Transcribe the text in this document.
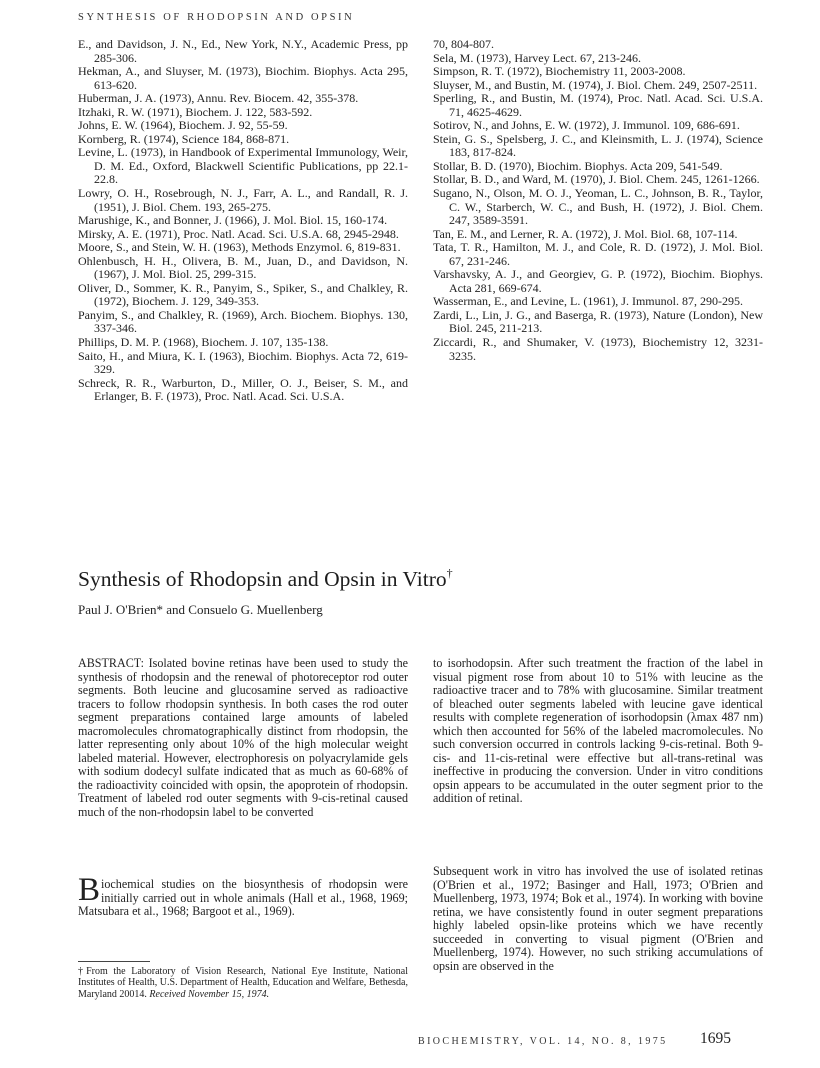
SYNTHESIS OF RHODOPSIN AND OPSIN
E., and Davidson, J. N., Ed., New York, N.Y., Academic Press, pp 285-306.
Hekman, A., and Sluyser, M. (1973), Biochim. Biophys. Acta 295, 613-620.
Huberman, J. A. (1973), Annu. Rev. Biocem. 42, 355-378.
Itzhaki, R. W. (1971), Biochem. J. 122, 583-592.
Johns, E. W. (1964), Biochem. J. 92, 55-59.
Kornberg, R. (1974), Science 184, 868-871.
Levine, L. (1973), in Handbook of Experimental Immunology, Weir, D. M. Ed., Oxford, Blackwell Scientific Publications, pp 22.1-22.8.
Lowry, O. H., Rosebrough, N. J., Farr, A. L., and Randall, R. J. (1951), J. Biol. Chem. 193, 265-275.
Marushige, K., and Bonner, J. (1966), J. Mol. Biol. 15, 160-174.
Mirsky, A. E. (1971), Proc. Natl. Acad. Sci. U.S.A. 68, 2945-2948.
Moore, S., and Stein, W. H. (1963), Methods Enzymol. 6, 819-831.
Ohlenbusch, H. H., Olivera, B. M., Juan, D., and Davidson, N. (1967), J. Mol. Biol. 25, 299-315.
Oliver, D., Sommer, K. R., Panyim, S., Spiker, S., and Chalkley, R. (1972), Biochem. J. 129, 349-353.
Panyim, S., and Chalkley, R. (1969), Arch. Biochem. Biophys. 130, 337-346.
Phillips, D. M. P. (1968), Biochem. J. 107, 135-138.
Saito, H., and Miura, K. I. (1963), Biochim. Biophys. Acta 72, 619-329.
Schreck, R. R., Warburton, D., Miller, O. J., Beiser, S. M., and Erlanger, B. F. (1973), Proc. Natl. Acad. Sci. U.S.A.
70, 804-807.
Sela, M. (1973), Harvey Lect. 67, 213-246.
Simpson, R. T. (1972), Biochemistry 11, 2003-2008.
Sluyser, M., and Bustin, M. (1974), J. Biol. Chem. 249, 2507-2511.
Sperling, R., and Bustin, M. (1974), Proc. Natl. Acad. Sci. U.S.A. 71, 4625-4629.
Sotirov, N., and Johns, E. W. (1972), J. Immunol. 109, 686-691.
Stein, G. S., Spelsberg, J. C., and Kleinsmith, L. J. (1974), Science 183, 817-824.
Stollar, B. D. (1970), Biochim. Biophys. Acta 209, 541-549.
Stollar, B. D., and Ward, M. (1970), J. Biol. Chem. 245, 1261-1266.
Sugano, N., Olson, M. O. J., Yeoman, L. C., Johnson, B. R., Taylor, C. W., Starberch, W. C., and Bush, H. (1972), J. Biol. Chem. 247, 3589-3591.
Tan, E. M., and Lerner, R. A. (1972), J. Mol. Biol. 68, 107-114.
Tata, T. R., Hamilton, M. J., and Cole, R. D. (1972), J. Mol. Biol. 67, 231-246.
Varshavsky, A. J., and Georgiev, G. P. (1972), Biochim. Biophys. Acta 281, 669-674.
Wasserman, E., and Levine, L. (1961), J. Immunol. 87, 290-295.
Zardi, L., Lin, J. G., and Baserga, R. (1973), Nature (London), New Biol. 245, 211-213.
Ziccardi, R., and Shumaker, V. (1973), Biochemistry 12, 3231- 3235.
Synthesis of Rhodopsin and Opsin in Vitro†
Paul J. O'Brien* and Consuelo G. Muellenberg
ABSTRACT: Isolated bovine retinas have been used to study the synthesis of rhodopsin and the renewal of photoreceptor rod outer segments. Both leucine and glucosamine served as radioactive tracers to follow rhodopsin synthesis. In both cases the rod outer segment preparations contained large amounts of labeled macromolecules chromatographically distinct from rhodopsin, the latter representing only about 10% of the high molecular weight labeled material. However, electrophoresis on polyacrylamide gels with sodium dodecyl sulfate indicated that as much as 60-68% of the radioactivity coincided with opsin, the apoprotein of rhodopsin. Treatment of labeled rod outer segments with 9-cis-retinal caused much of the non-rhodopsin label to be converted
to isorhodopsin. After such treatment the fraction of the label in visual pigment rose from about 10 to 51% with leucine as the radioactive tracer and to 78% with glucosamine. Similar treatment of bleached outer segments labeled with leucine gave identical results with complete regeneration of isorhodopsin (λmax 487 nm) which then accounted for 56% of the labeled macromolecules. No such conversion occurred in controls lacking 9-cis-retinal. Both 9-cis- and 11-cis-retinal were effective but all-trans-retinal was ineffective in producing the conversion. Under in vitro conditions opsin appears to be accumulated in the outer segment prior to the addition of retinal.
Biochemical studies on the biosynthesis of rhodopsin were initially carried out in whole animals (Hall et al., 1968, 1969; Matsubara et al., 1968; Bargoot et al., 1969).
Subsequent work in vitro has involved the use of isolated retinas (O'Brien et al., 1972; Basinger and Hall, 1973; O'Brien and Muellenberg, 1973, 1974; Bok et al., 1974). In working with bovine retina, we have consistently found in outer segment preparations highly labeled opsin-like proteins which we have recently succeeded in converting to visual pigment (O'Brien and Muellenberg, 1974). However, no such striking accumulations of opsin are observed in the
†From the Laboratory of Vision Research, National Eye Institute, National Institutes of Health, U.S. Department of Health, Education and Welfare, Bethesda, Maryland 20014. Received November 15, 1974.
BIOCHEMISTRY, VOL. 14, NO. 8, 1975 1695
